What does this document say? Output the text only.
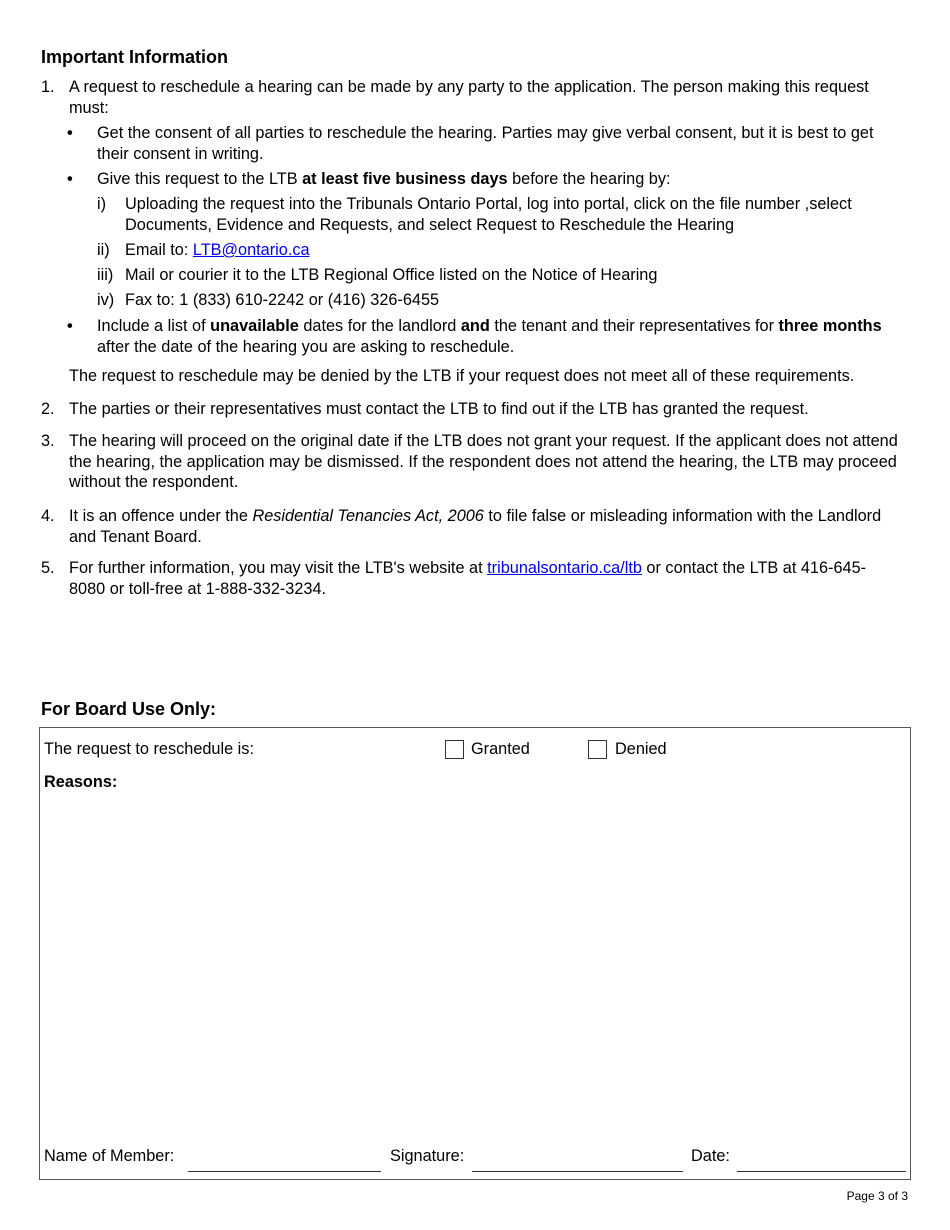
Important Information
1. A request to reschedule a hearing can be made by any party to the application. The person making this request must:
• Get the consent of all parties to reschedule the hearing. Parties may give verbal consent, but it is best to get their consent in writing.
• Give this request to the LTB at least five business days before the hearing by:
i) Uploading the request into the Tribunals Ontario Portal, log into portal, click on the file number ,select Documents, Evidence and Requests, and select Request to Reschedule the Hearing
ii) Email to: LTB@ontario.ca
iii) Mail or courier it to the LTB Regional Office listed on the Notice of Hearing
iv) Fax to: 1 (833) 610-2242 or (416) 326-6455
• Include a list of unavailable dates for the landlord and the tenant and their representatives for three months after the date of the hearing you are asking to reschedule.
The request to reschedule may be denied by the LTB if your request does not meet all of these requirements.
2. The parties or their representatives must contact the LTB to find out if the LTB has granted the request.
3. The hearing will proceed on the original date if the LTB does not grant your request. If the applicant does not attend the hearing, the application may be dismissed. If the respondent does not attend the hearing, the LTB may proceed without the respondent.
4. It is an offence under the Residential Tenancies Act, 2006 to file false or misleading information with the Landlord and Tenant Board.
5. For further information, you may visit the LTB's website at tribunalsontario.ca/ltb or contact the LTB at 416-645-8080 or toll-free at 1-888-332-3234.
For Board Use Only:
The request to reschedule is:	Granted	Denied
Reasons:
Name of Member:	Signature:	Date:
Page 3 of 3
